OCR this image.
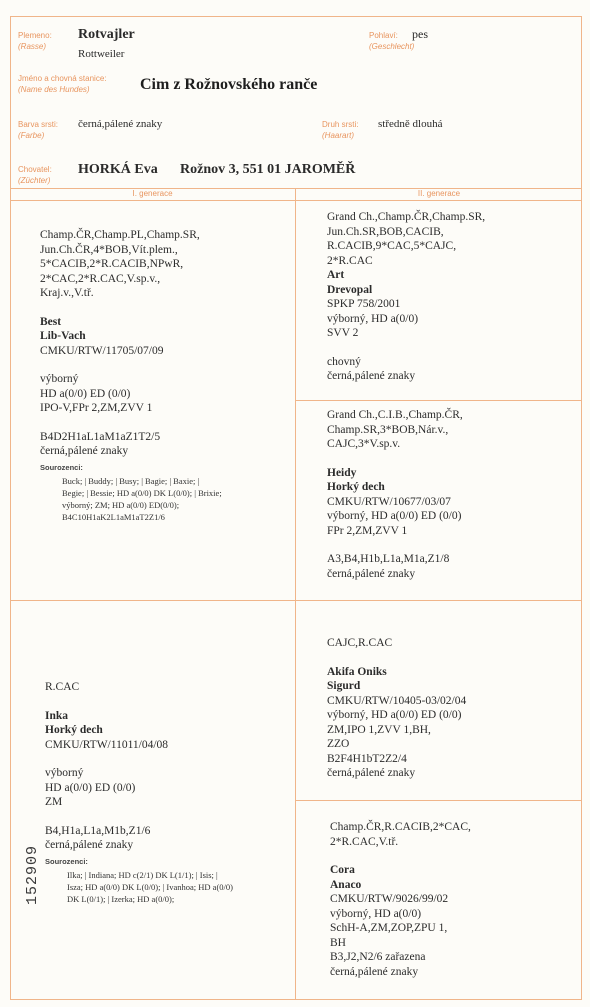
Plemeno:
(Rasse)
Rotvajler
Rottweiler
Pohlaví:
(Geschlecht)
pes
Jméno a chovná stanice:
(Name des Hundes)	Cim z Rožnovského ranče
Barva srsti:
(Farbe)
černá,pálené znaky	Druh srsti:
(Haarart)
středně dlouhá
Chovatel:
(Züchter)
HORKÁ Eva Rožnov 3, 551 01 JAROMĚŘ
I. generace	II. generace
Champ.ČR,Champ.PL,Champ.SR,
Jun.Ch.ČR,4*BOB,Vít.plem.,
5*CACIB,2*R.CACIB,NPwR,
2*CAC,2*R.CAC,V.sp.v.,
Kraj.v.,V.tř.
Best
Lib-Vach
CMKU/RTW/11705/07/09
výborný
HD a(0/0) ED (0/0)
IPO-V,FPr 2,ZM,ZVV 1
B4D2H1aL1aM1aZ1T2/5
černá,pálené znaky
Sourozenci:
Buck; | Buddy; | Busy; | Bagie; | Baxie; |
Begie; | Bessie; HD a(0/0) DK L(0/0); | Brixie;
výborný; ZM; HD a(0/0) ED(0/0);
B4C10H1aK2L1aM1aT2Z1/6
R.CAC
Inka
Horký dech
CMKU/RTW/11011/04/08
výborný
HD a(0/0) ED (0/0)
ZM
B4,H1a,L1a,M1b,Z1/6
černá,pálené znaky
Sourozenci:
Ilka; | Indiana; HD c(2/1) DK L(1/1); | Isis; |
Isza; HD a(0/0) DK L(0/0); | Ivanhoa; HD a(0/0)
DK L(0/1); | Izerka; HD a(0/0);
Grand Ch.,Champ.ČR,Champ.SR,
Jun.Ch.SR,BOB,CACIB,
R.CACIB,9*CAC,5*CAJC,
2*R.CAC
Art
Drevopal
SPKP 758/2001
výborný, HD a(0/0)
SVV 2
chovný
černá,pálené znaky
Grand Ch.,C.I.B.,Champ.ČR,
Champ.SR,3*BOB,Nár.v.,
CAJC,3*V.sp.v.
Heidy
Horký dech
CMKU/RTW/10677/03/07
výborný, HD a(0/0) ED (0/0)
FPr 2,ZM,ZVV 1
A3,B4,H1b,L1a,M1a,Z1/8
černá,pálené znaky
CAJC,R.CAC
Akifa Oniks
Sigurd
CMKU/RTW/10405-03/02/04
výborný, HD a(0/0) ED (0/0)
ZM,IPO 1,ZVV 1,BH,
ZZO
B2F4H1bT2Z2/4
černá,pálené znaky
Champ.ČR,R.CACIB,2*CAC,
2*R.CAC,V.tř.
Cora
Anaco
CMKU/RTW/9026/99/02
výborný, HD a(0/0)
SchH-A,ZM,ZOP,ZPU 1,
BH
B3,J2,N2/6 zařazena
černá,pálené znaky
152909
